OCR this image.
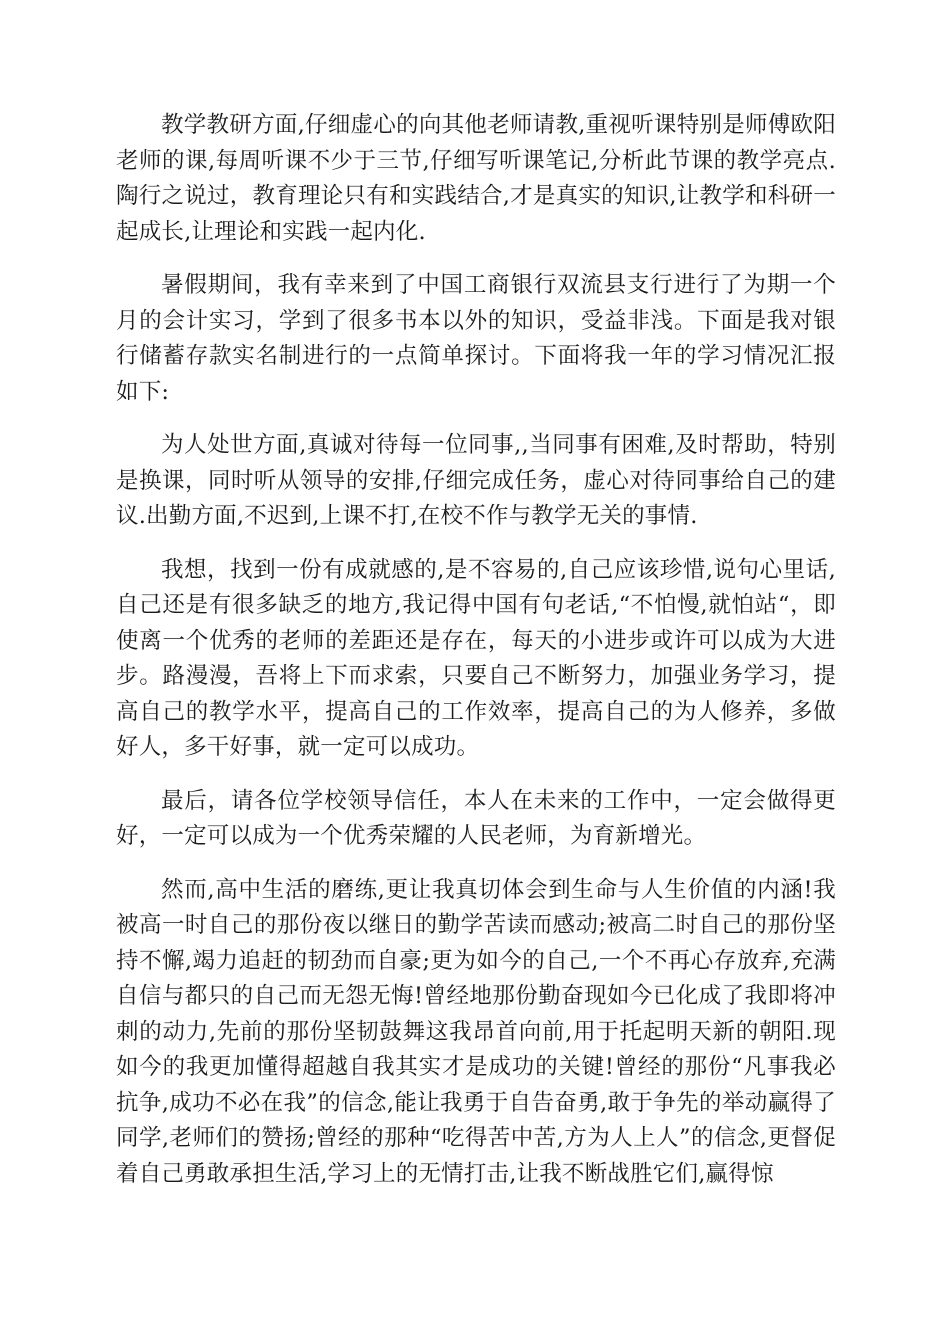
教学教研方面,仔细虚心的向其他老师请教,重视听课特别是师傅欧阳老师的课,每周听课不少于三节,仔细写听课笔记,分析此节课的教学亮点.陶行之说过，教育理论只有和实践结合,才是真实的知识,让教学和科研一起成长,让理论和实践一起内化.

暑假期间，我有幸来到了中国工商银行双流县支行进行了为期一个月的会计实习，学到了很多书本以外的知识，受益非浅。下面是我对银行储蓄存款实名制进行的一点简单探讨。下面将我一年的学习情况汇报如下:

为人处世方面,真诚对待每一位同事,,当同事有困难,及时帮助，特别是换课，同时听从领导的安排,仔细完成任务，虚心对待同事给自己的建议.出勤方面,不迟到,上课不打,在校不作与教学无关的事情.

我想，找到一份有成就感的,是不容易的,自己应该珍惜,说句心里话,自己还是有很多缺乏的地方,我记得中国有句老话,“不怕慢,就怕站“，即使离一个优秀的老师的差距还是存在，每天的小进步或许可以成为大进步。路漫漫，吾将上下而求索，只要自己不断努力，加强业务学习，提高自己的教学水平，提高自己的工作效率，提高自己的为人修养，多做好人，多干好事，就一定可以成功。

最后，请各位学校领导信任，本人在未来的工作中，一定会做得更好，一定可以成为一个优秀荣耀的人民老师，为育新增光。

然而,高中生活的磨练,更让我真切体会到生命与人生价值的内涵!我被高一时自己的那份夜以继日的勤学苦读而感动;被高二时自己的那份坚持不懈,竭力追赶的韧劲而自豪;更为如今的自己,一个不再心存放弃,充满自信与都只的自己而无怨无悔!曾经地那份勤奋现如今已化成了我即将冲刺的动力,先前的那份坚韧鼓舞这我昂首向前,用于托起明天新的朝阳.现如今的我更加懂得超越自我其实才是成功的关键!曾经的那份“凡事我必抗争,成功不必在我”的信念,能让我勇于自告奋勇,敢于争先的举动赢得了同学,老师们的赞扬;曾经的那种“吃得苦中苦,方为人上人”的信念,更督促着自己勇敢承担生活,学习上的无情打击,让我不断战胜它们,赢得惊
